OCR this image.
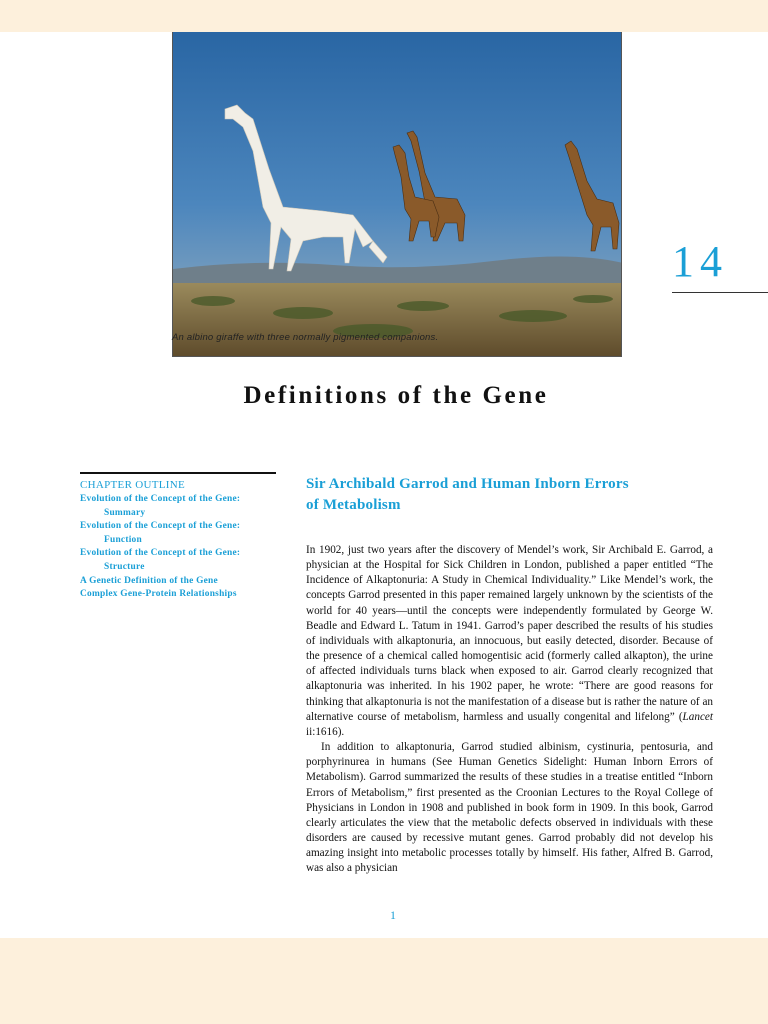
An albino giraffe with three normally pigmented companions.
14
Definitions of the Gene
CHAPTER OUTLINE
Evolution of the Concept of the Gene:
Summary
Evolution of the Concept of the Gene:
Function
Evolution of the Concept of the Gene:
Structure
A Genetic Definition of the Gene
Complex Gene-Protein Relationships
Sir Archibald Garrod and Human Inborn Errors
of Metabolism

In 1902, just two years after the discovery of Mendel’s work, Sir Archibald E. Garrod, a physician at the Hospital for Sick Children in London, published a paper entitled “The Incidence of Alkaptonuria: A Study in Chemical Individuality.” Like Mendel’s work, the concepts Garrod presented in this paper remained largely unknown by the scientists of the world for 40 years—until the concepts were independently formulated by George W. Beadle and Edward L. Tatum in 1941. Garrod’s paper described the results of his studies of individuals with alkaptonuria, an innocuous, but easily detected, disorder. Because of the presence of a chemical called homogentisic acid (formerly called alkapton), the urine of affected individuals turns black when exposed to air. Garrod clearly recognized that alkaptonuria was inherited. In his 1902 paper, he wrote: “There are good reasons for thinking that alkaptonuria is not the manifestation of a disease but is rather the nature of an alternative course of metabolism, harmless and usually congenital and lifelong” (Lancet ii:1616).

In addition to alkaptonuria, Garrod studied albinism, cystinuria, pentosuria, and porphyrinurea in humans (See Human Genetics Sidelight: Human Inborn Errors of Metabolism). Garrod summarized the results of these studies in a treatise entitled “Inborn Errors of Metabolism,” first presented as the Croonian Lectures to the Royal College of Physicians in London in 1908 and published in book form in 1909. In this book, Garrod clearly articulates the view that the metabolic defects observed in individuals with these disorders are caused by recessive mutant genes. Garrod probably did not develop his amazing insight into metabolic processes totally by himself. His father, Alfred B. Garrod, was also a physician

1
